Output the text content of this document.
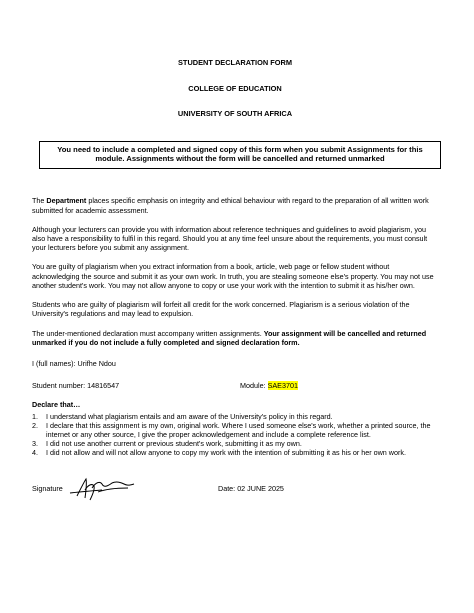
STUDENT DECLARATION FORM
COLLEGE OF EDUCATION
UNIVERSITY OF SOUTH AFRICA
You need to include a completed and signed copy of this form when you submit Assignments for this module. Assignments without the form will be cancelled and returned unmarked

The Department places specific emphasis on integrity and ethical behaviour with regard to the preparation of all written work submitted for academic assessment.

Although your lecturers can provide you with information about reference techniques and guidelines to avoid plagiarism, you also have a responsibility to fulfil in this regard. Should you at any time feel unsure about the requirements, you must consult your lecturers before you submit any assignment.

You are guilty of plagiarism when you extract information from a book, article, web page or fellow student without acknowledging the source and submit it as your own work. In truth, you are stealing someone else's property. You may not use another student's work. You may not allow anyone to copy or use your work with the intention to submit it as his/her own.

Students who are guilty of plagiarism will forfeit all credit for the work concerned. Plagiarism is a serious violation of the University's regulations and may lead to expulsion.

The under-mentioned declaration must accompany written assignments. Your assignment will be cancelled and returned unmarked if you do not include a fully completed and signed declaration form.

I (full names):
Urifhe Ndou
Student number: 14816547	Module: SAE3701
Declare that…
1.	I understand what plagiarism entails and am aware of the University's policy in this regard.
2.	I declare that this assignment is my own, original work. Where I used someone else's work, whether a printed source, the internet or any other source, I give the proper acknowledgement and include a complete reference list.
3.	I did not use another current or previous student's work, submitting it as my own.
4.	I did not allow and will not allow anyone to copy my work with the intention of submitting it as his or her own work.
Signature	Date: 02 JUNE 2025
